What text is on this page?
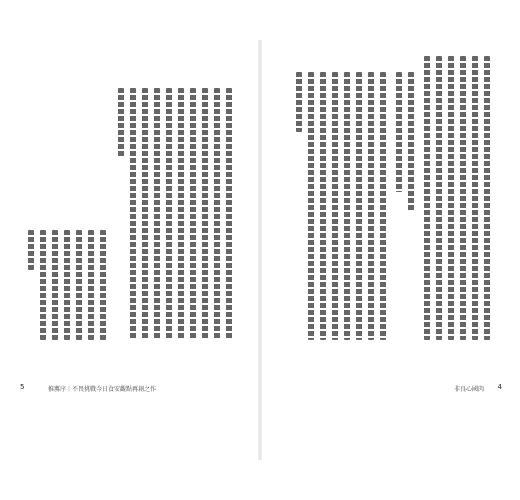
5	推薦序｜不畏挑戰今日食安觀點再創之作	非良心國肉 4
